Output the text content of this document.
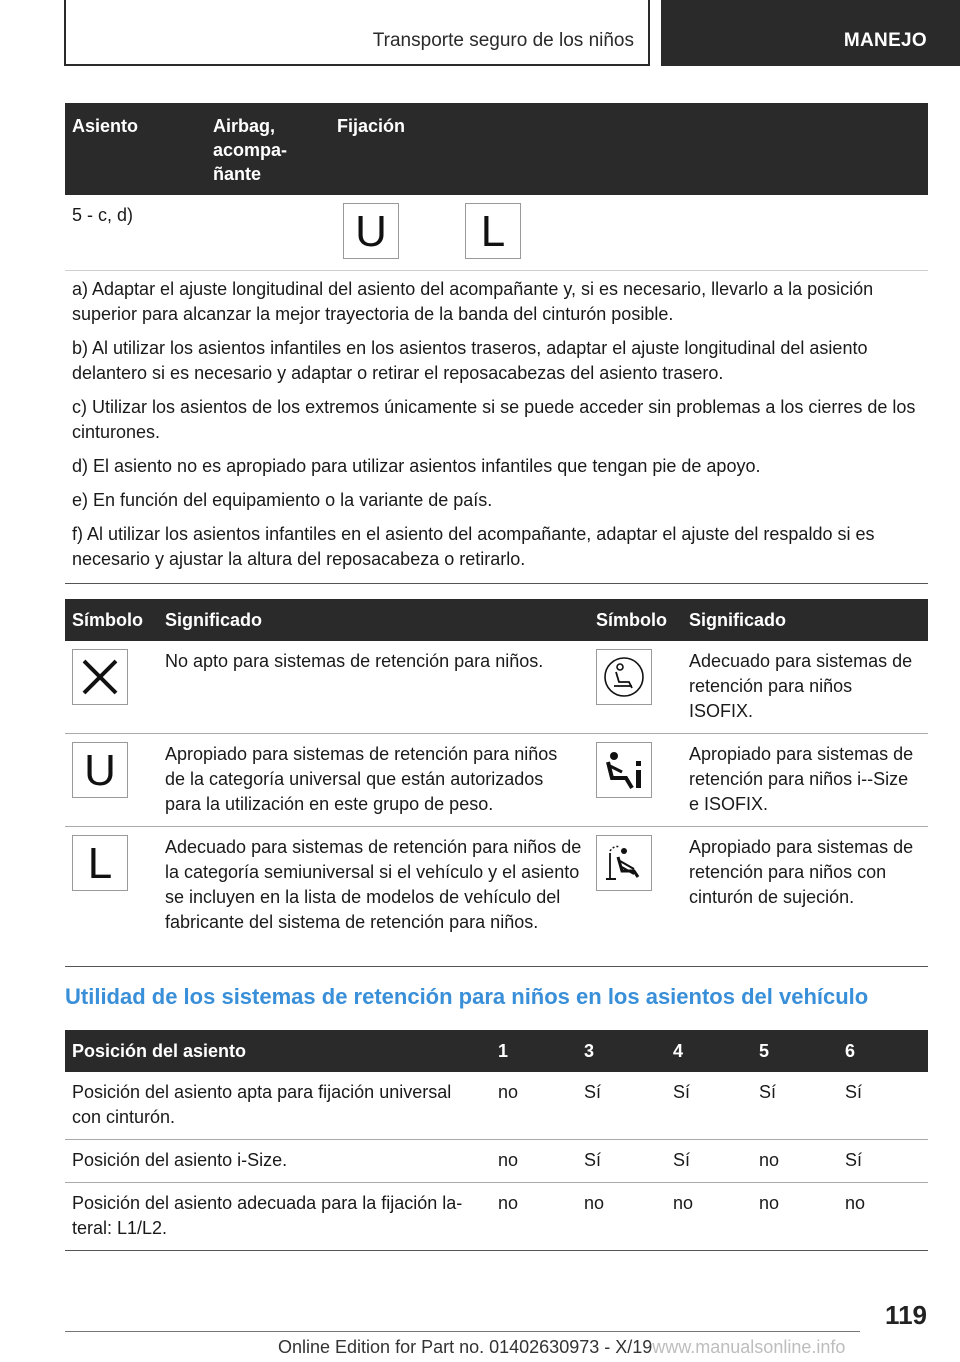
Transporte seguro de los niños	MANEJO
Asiento	Airbag,
acompa-
ñante	Fijación
5 - c, d)		U L

a) Adaptar el ajuste longitudinal del asiento del acompañante y, si es necesario, llevarlo a la posición superior para alcanzar la mejor trayectoria de la banda del cinturón posible.

b) Al utilizar los asientos infantiles en los asientos traseros, adaptar el ajuste longitudinal del asiento delantero si es necesario y adaptar o retirar el reposacabezas del asiento trasero.

c) Utilizar los asientos de los extremos únicamente si se puede acceder sin problemas a los cierres de los cinturones.

d) El asiento no es apropiado para utilizar asientos infantiles que tengan pie de apoyo.

e) En función del equipamiento o la variante de país.

f) Al utilizar los asientos infantiles en el asiento del acompañante, adaptar el ajuste del respaldo si es necesario y ajustar la altura del reposacabeza o retirarlo.

Símbolo	Significado	Símbolo	Significado

	No apto para sistemas de retención para niños.		Adecuado para sistemas de retención para niños ISOFIX.

U	Apropiado para sistemas de retención para niños de la categoría universal que están autorizados para la utilización en este grupo de peso.		Apropiado para sistemas de retención para niños i--Size e ISOFIX.

L	Adecuado para sistemas de retención para niños de la categoría semiuniversal si el vehículo y el asiento se incluyen en la lista de modelos de vehículo del fabricante del sistema de retención para niños.		Apropiado para sistemas de retención para niños con cinturón de sujeción.
Utilidad de los sistemas de retención para niños en los asientos del vehículo
Posición del asiento	1	3	4	5	6
Posición del asiento apta para fijación universal con cinturón.	no	Sí	Sí	Sí	Sí
Posición del asiento i-Size.	no	Sí	Sí	no	Sí
Posición del asiento adecuada para la fijación la-teral: L1/L2.	no	no	no	no	no
119
Online Edition for Part no. 01402630973 - X/19www.manualsonline.info
